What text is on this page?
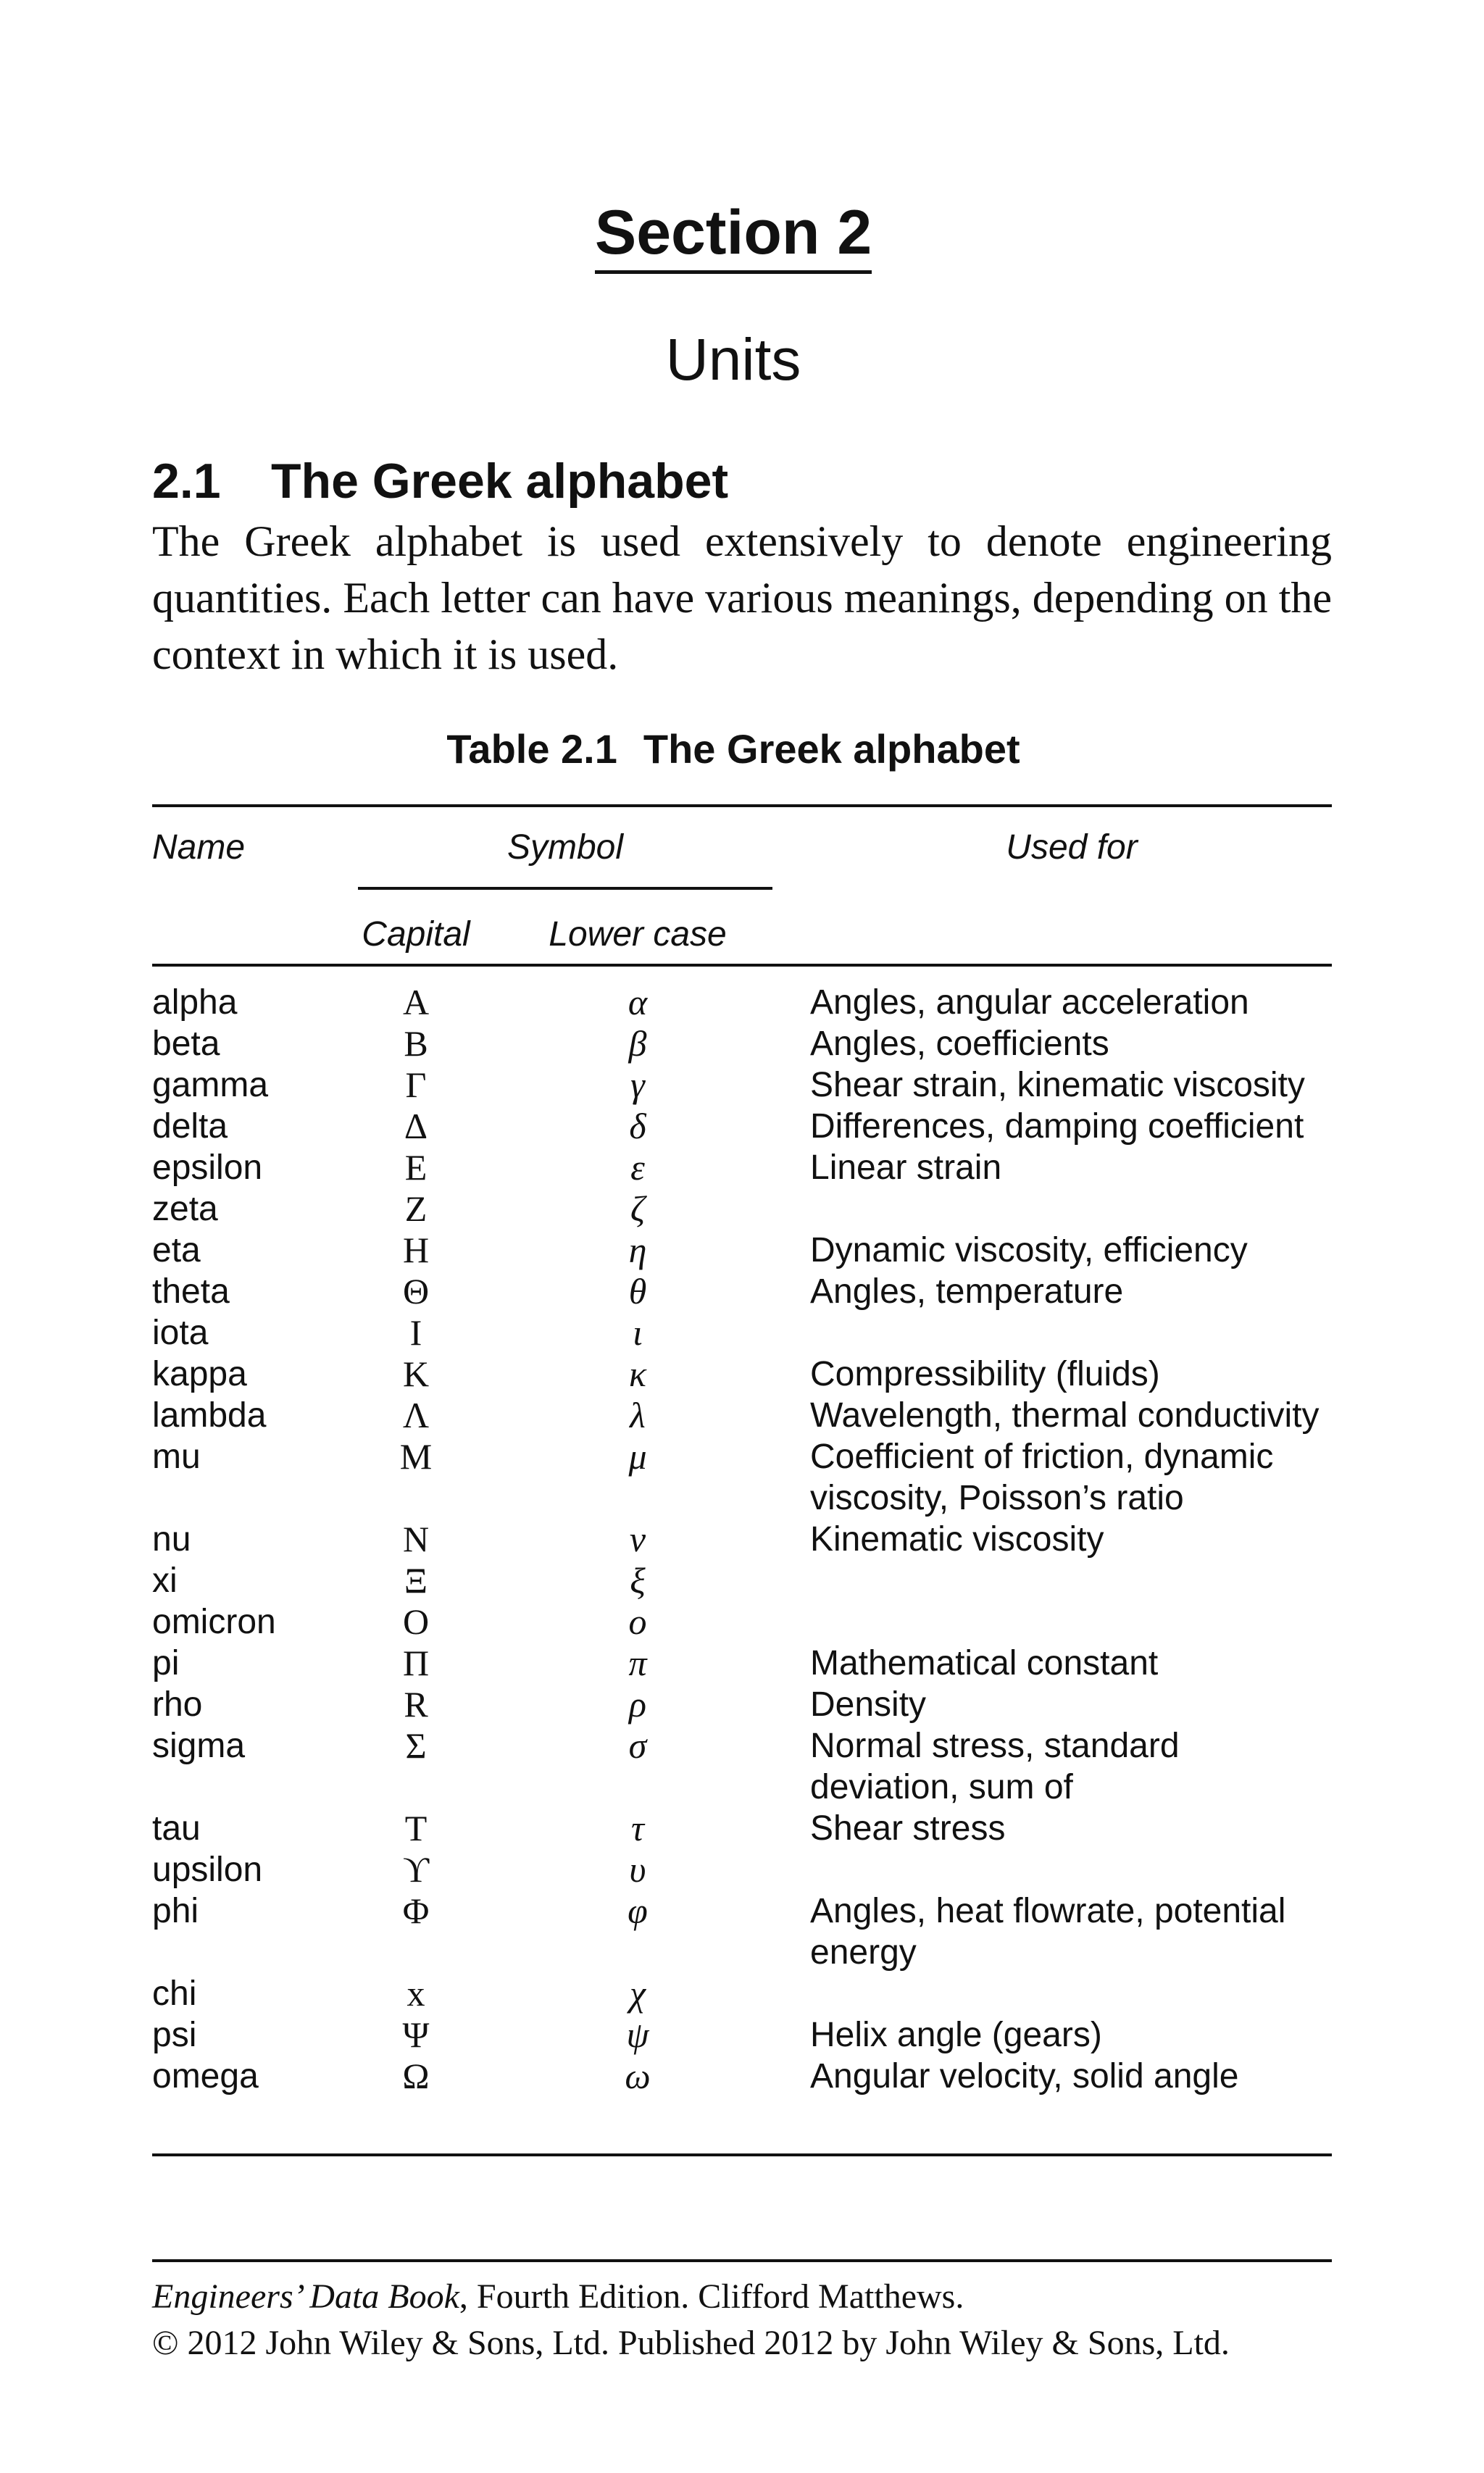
Section 2
Units
2.1 The Greek alphabet
The Greek alphabet is used extensively to denote engineering quantities. Each letter can have various meanings, depending on the context in which it is used.
Table 2.1 The Greek alphabet
Name	Symbol	Used for
Capital	Lower case
alpha	Α	α	Angles, angular acceleration
beta	Β	β	Angles, coefficients
gamma	Γ	γ	Shear strain, kinematic viscosity
delta	Δ	δ	Differences, damping coefficient
epsilon	Ε	ε	Linear strain
zeta	Ζ	ζ

eta	Η	η	Dynamic viscosity, efficiency
theta	Θ	θ	Angles, temperature
iota	Ι	ι

kappa	Κ	κ	Compressibility (fluids)
lambda	Λ	λ	Wavelength, thermal conductivity
mu	Μ	μ	Coefficient of friction, dynamic viscosity, Poisson’s ratio
nu	Ν	ν	Kinematic viscosity
xi	Ξ	ξ

omicron	Ο	o

pi	Π	π	Mathematical constant
rho	R	ρ	Density
sigma	Σ	σ	Normal stress, standard deviation, sum of
tau	Τ	τ	Shear stress
upsilon	ϒ	υ

phi	Φ	φ	Angles, heat flowrate, potential energy
chi	x	χ

psi	Ψ	ψ	Helix angle (gears)
omega	Ω	ω	Angular velocity, solid angle
Engineers’ Data Book, Fourth Edition. Clifford Matthews.
© 2012 John Wiley & Sons, Ltd. Published 2012 by John Wiley & Sons, Ltd.
